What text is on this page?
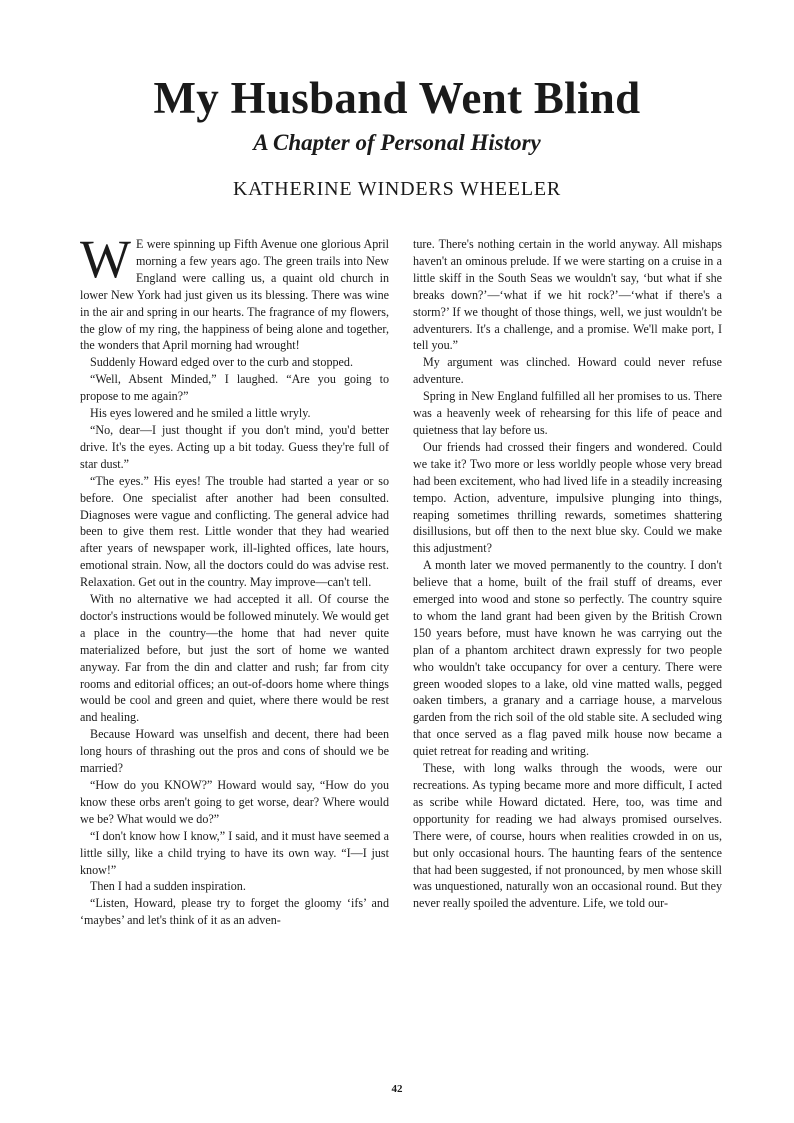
My Husband Went Blind
A Chapter of Personal History
KATHERINE WINDERS WHEELER

W E were spinning up Fifth Avenue one glorious April morning a few years ago. The green trails into New England were calling us, a quaint old church in lower New York had just given us its blessing. There was wine in the air and spring in our hearts. The fragrance of my flowers, the glow of my ring, the happiness of being alone and together, the wonders that April morning had wrought!

Suddenly Howard edged over to the curb and stopped.

“Well, Absent Minded,” I laughed. “Are you going to propose to me again?”

His eyes lowered and he smiled a little wryly.

“No, dear—I just thought if you don't mind, you'd better drive. It's the eyes. Acting up a bit today. Guess they're full of star dust.”

“The eyes.” His eyes! The trouble had started a year or so before. One specialist after another had been consulted. Diagnoses were vague and conflicting. The general advice had been to give them rest. Little wonder that they had wearied after years of newspaper work, ill-lighted offices, late hours, emotional strain. Now, all the doctors could do was advise rest. Relaxation. Get out in the country. May improve—can't tell.

With no alternative we had accepted it all. Of course the doctor's instructions would be followed minutely. We would get a place in the country—the home that had never quite materialized before, but just the sort of home we wanted anyway. Far from the din and clatter and rush; far from city rooms and editorial offices; an out-of-doors home where things would be cool and green and quiet, where there would be rest and healing.

Because Howard was unselfish and decent, there had been long hours of thrashing out the pros and cons of should we be married?

“How do you KNOW?” Howard would say, “How do you know these orbs aren't going to get worse, dear? Where would we be? What would we do?”

“I don't know how I know,” I said, and it must have seemed a little silly, like a child trying to have its own way. “I—I just know!”

Then I had a sudden inspiration.

“Listen, Howard, please try to forget the gloomy ‘ifs’ and ‘maybes’ and let's think of it as an adven-

ture. There's nothing certain in the world anyway. All mishaps haven't an ominous prelude. If we were starting on a cruise in a little skiff in the South Seas we wouldn't say, ‘but what if she breaks down?’—‘what if we hit rock?’—‘what if there's a storm?’ If we thought of those things, well, we just wouldn't be adventurers. It's a challenge, and a promise. We'll make port, I tell you.”

My argument was clinched. Howard could never refuse adventure.

Spring in New England fulfilled all her promises to us. There was a heavenly week of rehearsing for this life of peace and quietness that lay before us.

Our friends had crossed their fingers and wondered. Could we take it? Two more or less worldly people whose very bread had been excitement, who had lived life in a steadily increasing tempo. Action, adventure, impulsive plunging into things, reaping sometimes thrilling rewards, sometimes shattering disillusions, but off then to the next blue sky. Could we make this adjustment?

A month later we moved permanently to the country. I don't believe that a home, built of the frail stuff of dreams, ever emerged into wood and stone so perfectly. The country squire to whom the land grant had been given by the British Crown 150 years before, must have known he was carrying out the plan of a phantom architect drawn expressly for two people who wouldn't take occupancy for over a century. There were green wooded slopes to a lake, old vine matted walls, pegged oaken timbers, a granary and a carriage house, a marvelous garden from the rich soil of the old stable site. A secluded wing that once served as a flag paved milk house now became a quiet retreat for reading and writing.

These, with long walks through the woods, were our recreations. As typing became more and more difficult, I acted as scribe while Howard dictated. Here, too, was time and opportunity for reading we had always promised ourselves. There were, of course, hours when realities crowded in on us, but only occasional hours. The haunting fears of the sentence that had been suggested, if not pronounced, by men whose skill was unquestioned, naturally won an occasional round. But they never really spoiled the adventure. Life, we told our-

42
